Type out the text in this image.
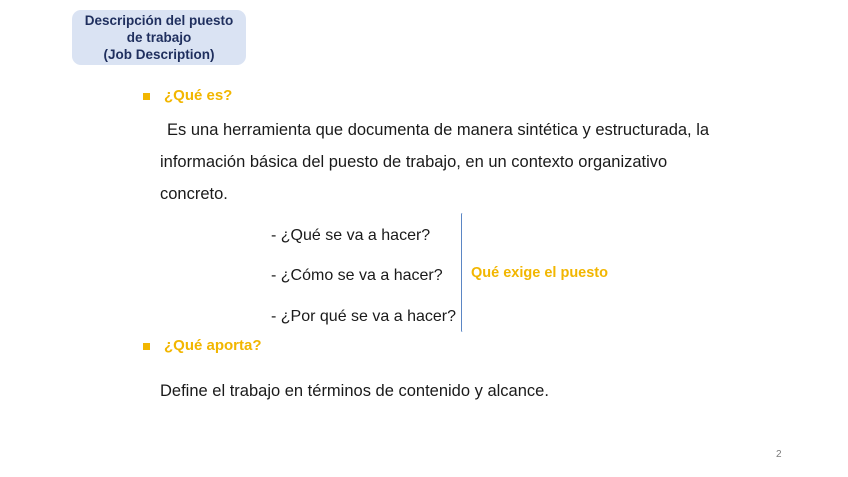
Descripción del puesto
de trabajo
(Job Description)
¿Qué es?
Es una herramienta que documenta de manera sintética y estructurada, la
información básica del puesto de trabajo, en un contexto organizativo
concreto.
- ¿Qué se va a hacer?
- ¿Cómo se va a hacer?
- ¿Por qué se va a hacer?
Qué exige el puesto
¿Qué aporta?
Define el trabajo en términos de contenido y alcance.
2
